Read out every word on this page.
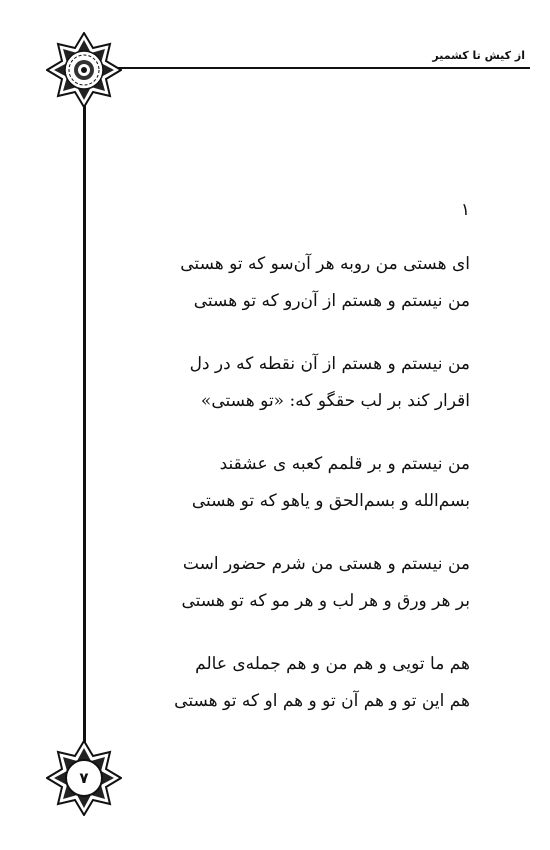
از کیش تا کشمیر
۷
۱
ای هستی من روبه هر آن‌سو که تو هستی
من نیستم و هستم از آن‌رو که تو هستی
من نیستم و هستم از آن نقطه که در دل
اقرار کند بر لب حقگو که: «تو هستی»
من نیستم و بر قلمم کعبه ی عشقند
بسم‌الله و بسم‌الحق و یاهو که تو هستی
من نیستم و هستی من شرم حضور است
بر هر ورق و هر لب و هر مو که تو هستی
هم ما تویی و هم من و هم جمله‌ی عالم
هم این تو و هم آن تو و هم او که تو هستی
